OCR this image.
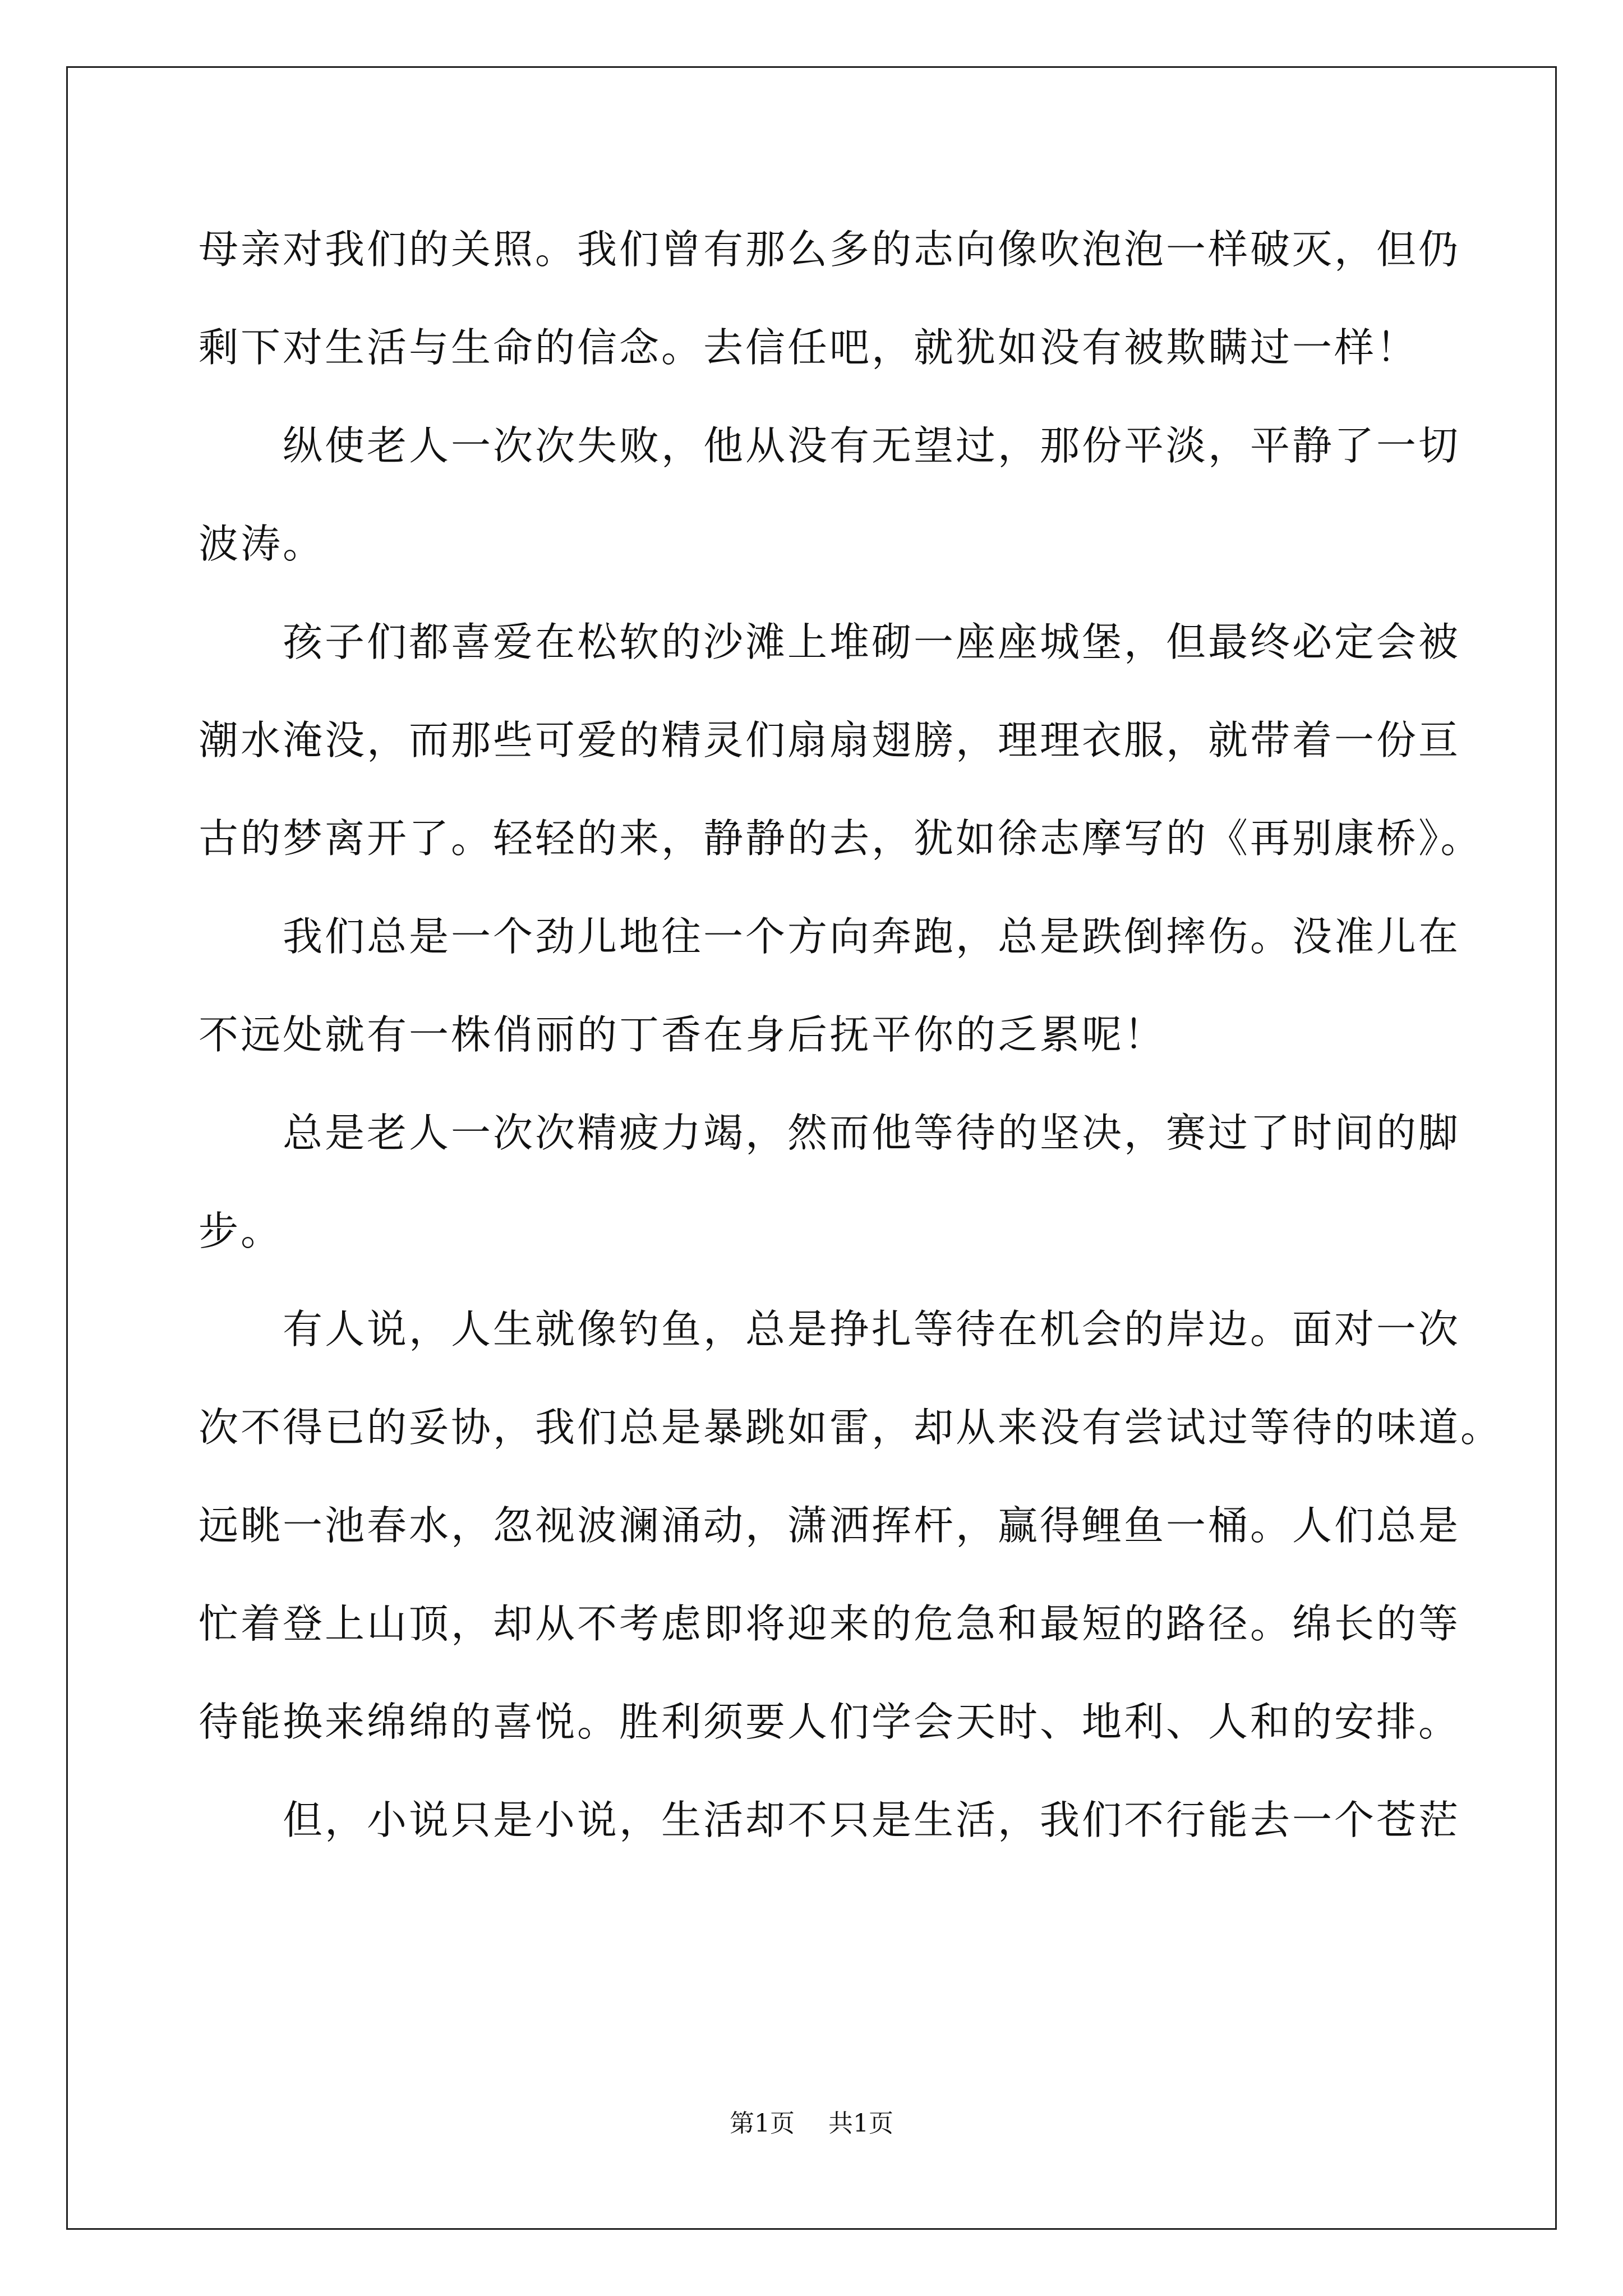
母亲对我们的关照。我们曾有那么多的志向像吹泡泡一样破灭，但仍
剩下对生活与生命的信念。去信任吧，就犹如没有被欺瞒过一样！
纵使老人一次次失败，他从没有无望过，那份平淡，平静了一切
波涛。
孩子们都喜爱在松软的沙滩上堆砌一座座城堡，但最终必定会被
潮水淹没，而那些可爱的精灵们扇扇翅膀，理理衣服，就带着一份亘
古的梦离开了。轻轻的来，静静的去，犹如徐志摩写的《再别康桥》。
我们总是一个劲儿地往一个方向奔跑，总是跌倒摔伤。没准儿在
不远处就有一株俏丽的丁香在身后抚平你的乏累呢！
总是老人一次次精疲力竭，然而他等待的坚决，赛过了时间的脚
步。
有人说，人生就像钓鱼，总是挣扎等待在机会的岸边。面对一次
次不得已的妥协，我们总是暴跳如雷，却从来没有尝试过等待的味道。
远眺一池春水，忽视波澜涌动，潇洒挥杆，赢得鲤鱼一桶。人们总是
忙着登上山顶，却从不考虑即将迎来的危急和最短的路径。绵长的等
待能换来绵绵的喜悦。胜利须要人们学会天时、地利、人和的安排。
但，小说只是小说，生活却不只是生活，我们不行能去一个苍茫
第1页 共1页
